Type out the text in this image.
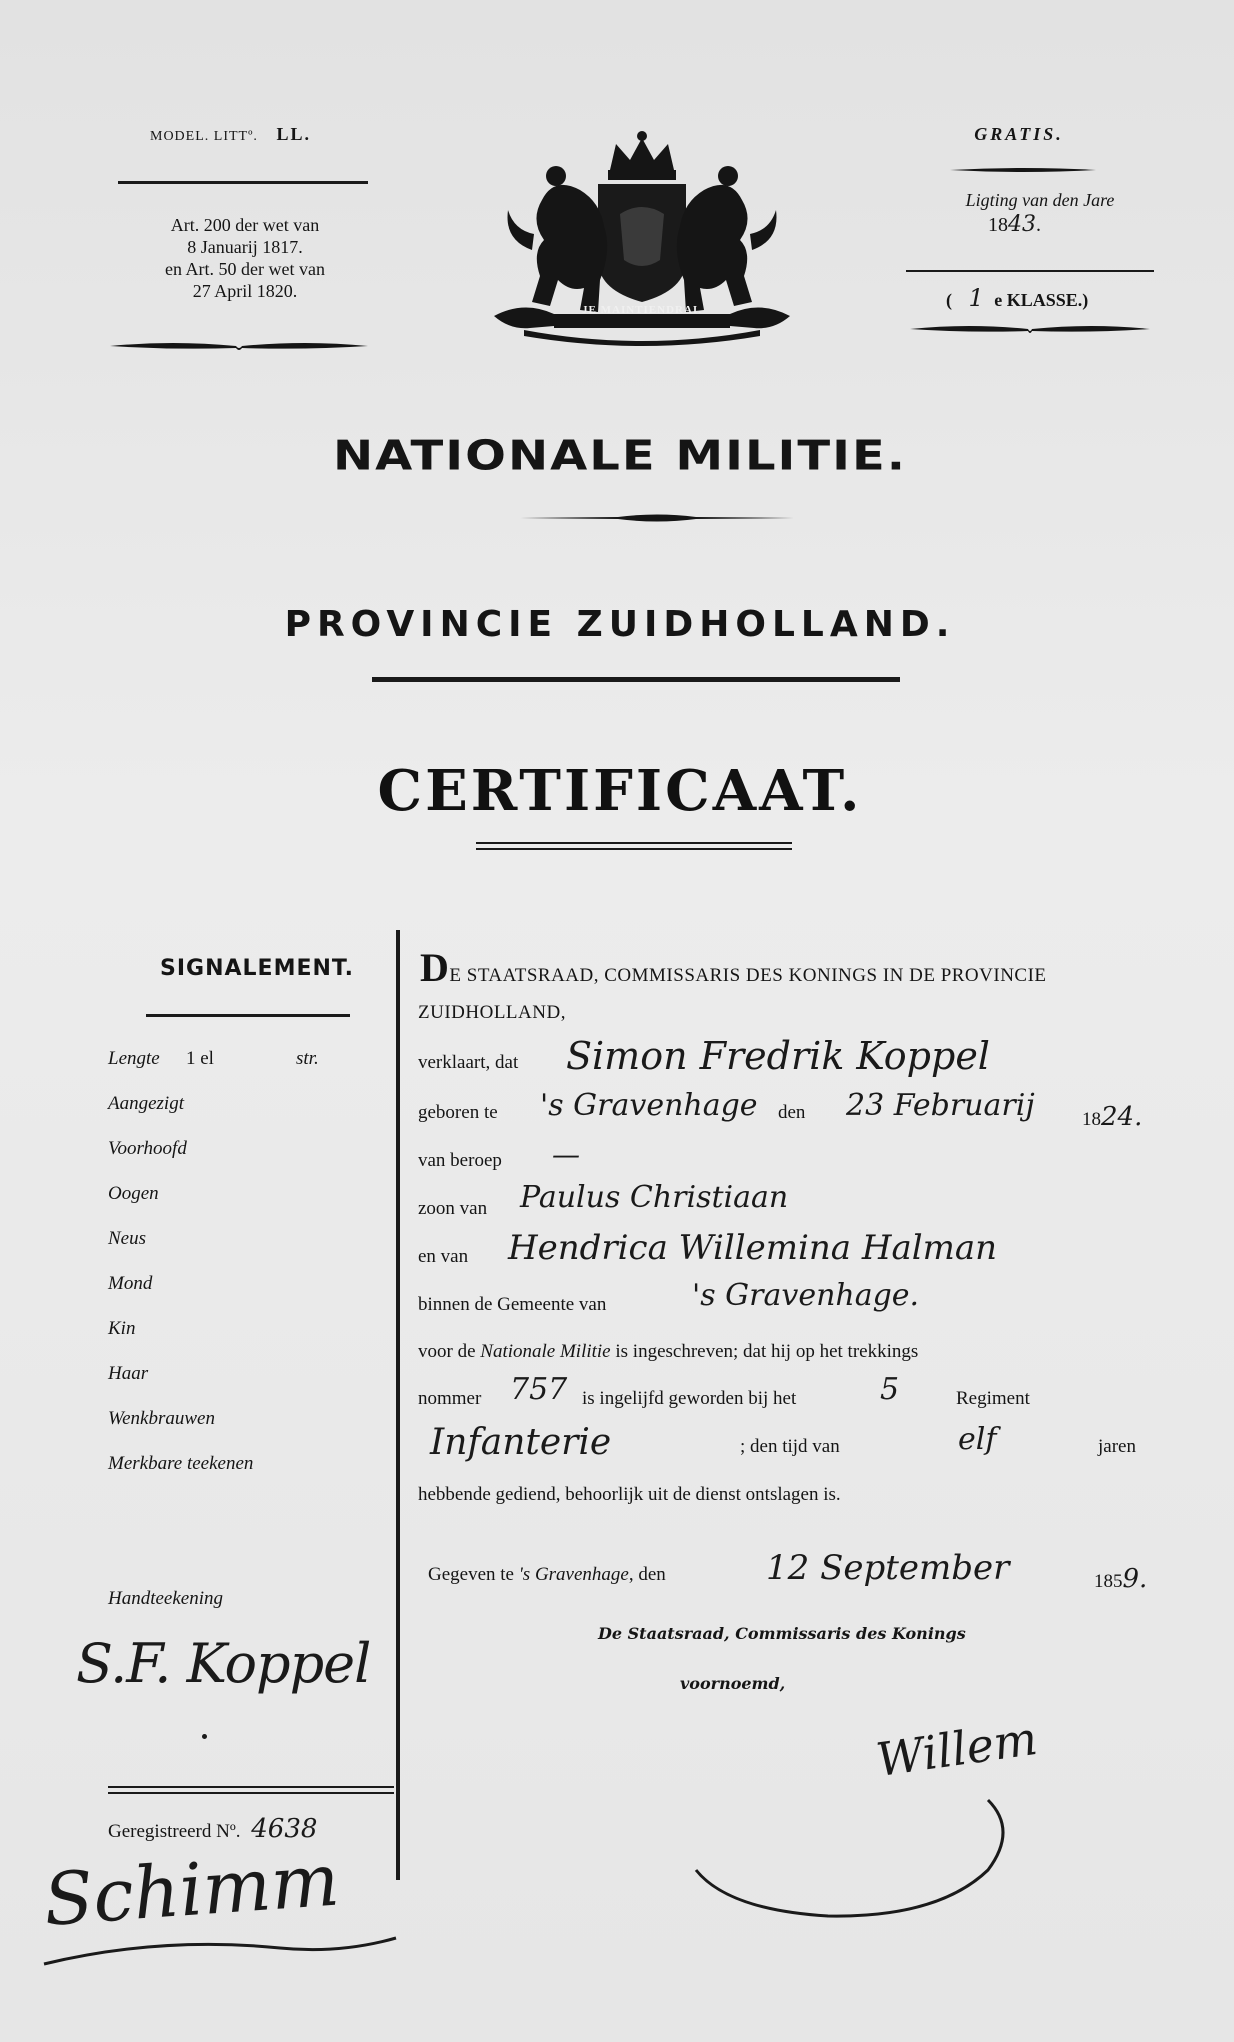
MODEL. LITTº. LL.
Art. 200 der wet van
8 Januarij 1817.
en Art. 50 der wet van
27 April 1820.
JE MAINTIENDRAI.
GRATIS.
Ligting van den Jare
1843.
( 1 e KLASSE.)
NATIONALE MILITIE.
PROVINCIE ZUIDHOLLAND.
CERTIFICAAT.
SIGNALEMENT.
Lengte 1 el	str.
Aangezigt
Voorhoofd
Oogen
Neus
Mond
Kin
Haar
Wenkbrauwen
Merkbare teekenen
Handteekening
S.F. Koppel
Geregistreerd Nº. 4638
Schimm
DE STAATSRAAD, COMMISSARIS DES KONINGS IN DE PROVINCIE
ZUIDHOLLAND,
verklaart, dat Simon Fredrik Koppel
geboren te 's Gravenhage den 23 Februarij 1824.
van beroep —
zoon van Paulus Christiaan
en van Hendrica Willemina Halman
binnen de Gemeente van	's Gravenhage.
voor de Nationale Militie is ingeschreven; dat hij op het trekkings
nommer 757 is ingelijfd geworden bij het	5	Regiment
Infanterie	; den tijd van	elf	jaren
hebbende gediend, behoorlijk uit de dienst ontslagen is.
Gegeven te 's Gravenhage, den	12 September	1859.
De Staatsraad, Commissaris des Konings
voornoemd,
Willem
